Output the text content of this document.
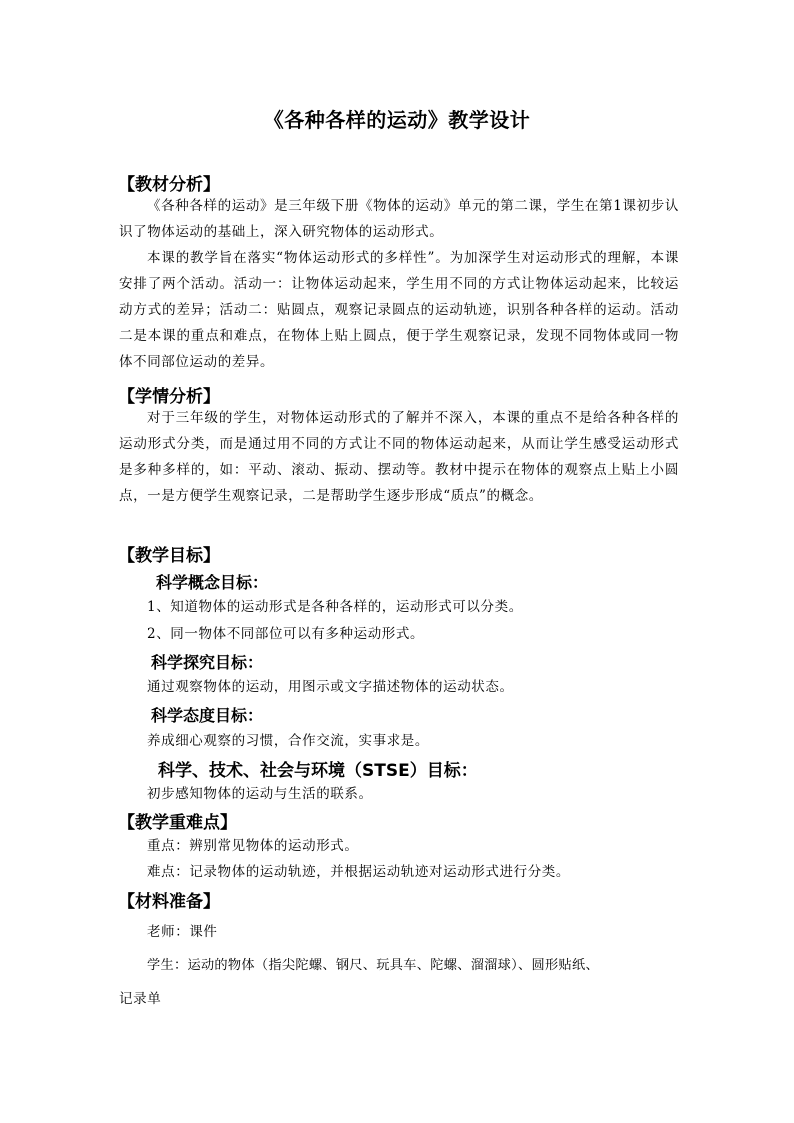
《各种各样的运动》教学设计
【教材分析】
《各种各样的运动》是三年级下册《物体的运动》单元的第二课，学生在第1课初步认识了物体运动的基础上，深入研究物体的运动形式。
本课的教学旨在落实“物体运动形式的多样性”。为加深学生对运动形式的理解，本课安排了两个活动。活动一：让物体运动起来，学生用不同的方式让物体运动起来，比较运动方式的差异；活动二：贴圆点，观察记录圆点的运动轨迹，识别各种各样的运动。活动二是本课的重点和难点，在物体上贴上圆点，便于学生观察记录，发现不同物体或同一物体不同部位运动的差异。
【学情分析】
对于三年级的学生，对物体运动形式的了解并不深入，本课的重点不是给各种各样的运动形式分类，而是通过用不同的方式让不同的物体运动起来，从而让学生感受运动形式是多种多样的，如：平动、滚动、振动、摆动等。教材中提示在物体的观察点上贴上小圆点，一是方便学生观察记录，二是帮助学生逐步形成“质点”的概念。
【教学目标】
科学概念目标：
1、知道物体的运动形式是各种各样的，运动形式可以分类。
2、同一物体不同部位可以有多种运动形式。
科学探究目标：
通过观察物体的运动，用图示或文字描述物体的运动状态。
科学态度目标：
养成细心观察的习惯，合作交流，实事求是。
科学、技术、社会与环境（STSE）目标：
初步感知物体的运动与生活的联系。
【教学重难点】
重点：辨别常见物体的运动形式。
难点：记录物体的运动轨迹，并根据运动轨迹对运动形式进行分类。
【材料准备】
老师：课件
学生：运动的物体（指尖陀螺、钢尺、玩具车、陀螺、溜溜球）、圆形贴纸、
记录单
